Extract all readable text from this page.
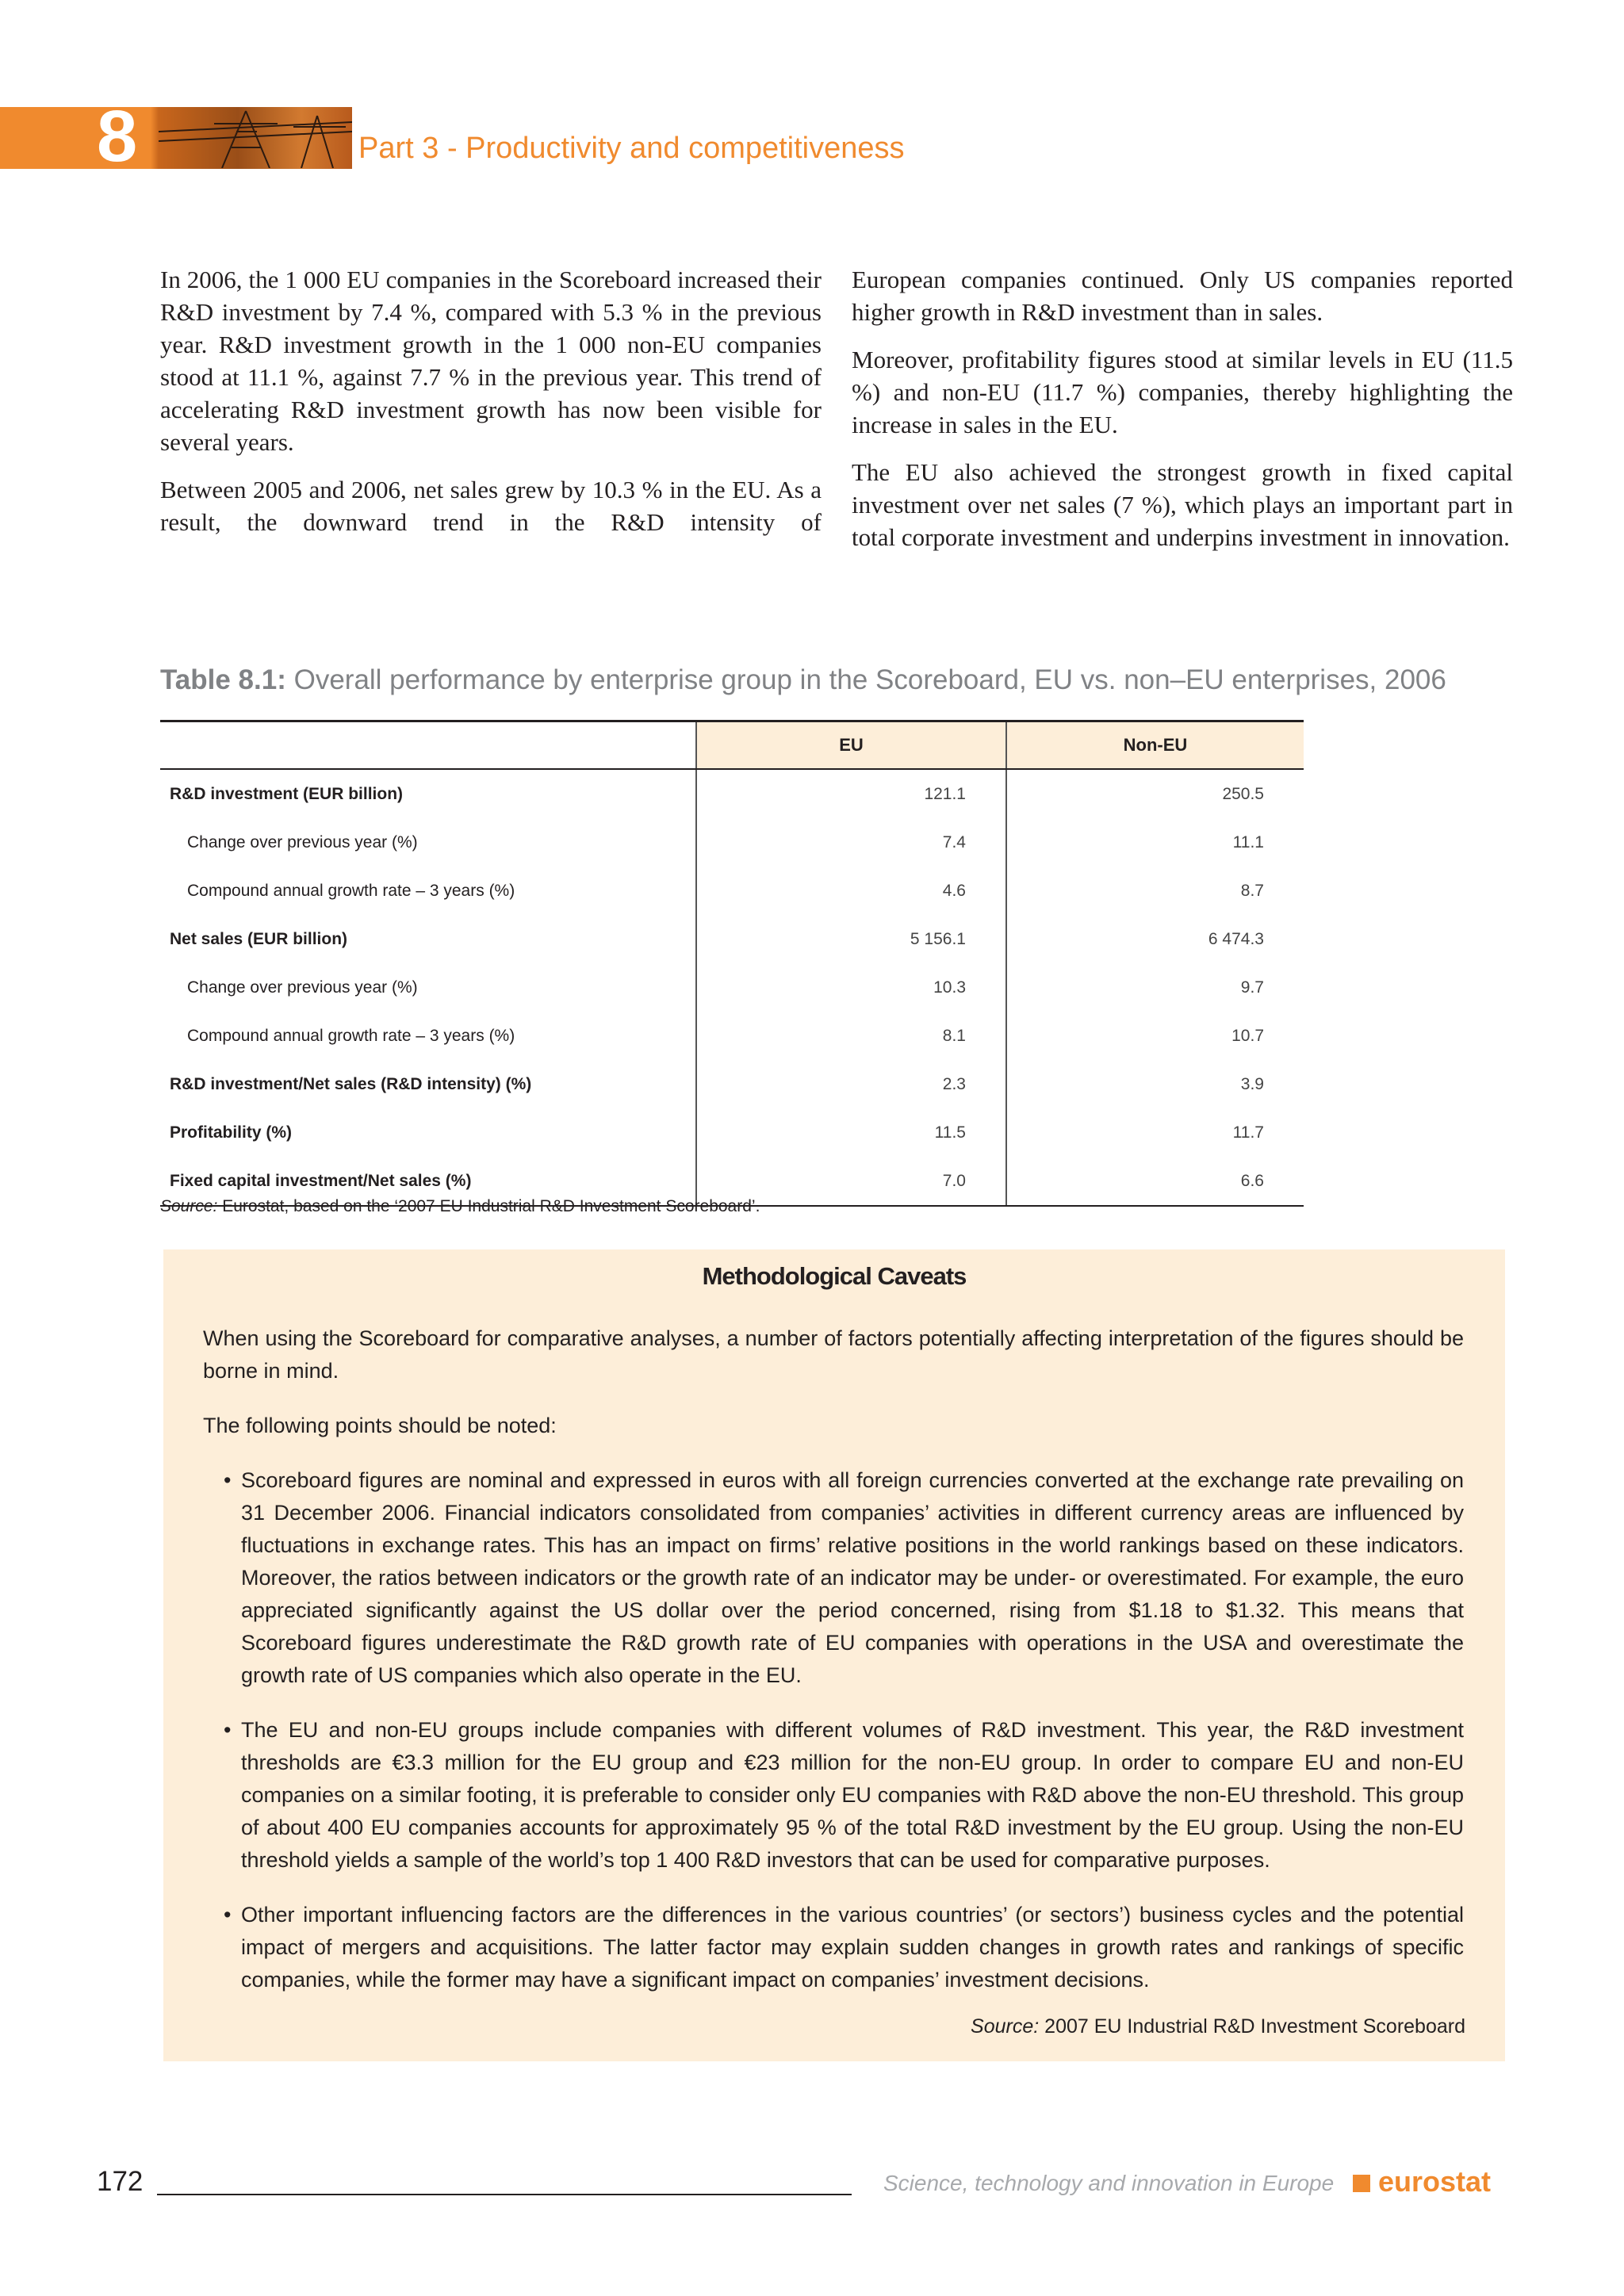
8	Part 3 - Productivity and competitiveness

In 2006, the 1 000 EU companies in the Scoreboard increased their R&D investment by 7.4 %, compared with 5.3 % in the previous year. R&D investment growth in the 1 000 non-EU companies stood at 11.1 %, against 7.7 % in the previous year. This trend of accelerating R&D investment growth has now been visible for several years.

Between 2005 and 2006, net sales grew by 10.3 % in the EU. As a result, the downward trend in the R&D intensity of

European companies continued. Only US companies reported higher growth in R&D investment than in sales.

Moreover, profitability figures stood at similar levels in EU (11.5 %) and non-EU (11.7 %) companies, thereby highlighting the increase in sales in the EU.

The EU also achieved the strongest growth in fixed capital investment over net sales (7 %), which plays an important part in total corporate investment and underpins investment in innovation.

Table 8.1: Overall performance by enterprise group in the Scoreboard, EU vs. non–EU enterprises, 2006
	EU	Non-EU
R&D investment (EUR billion)	121.1	250.5
Change over previous year (%)	7.4	11.1
Compound annual growth rate – 3 years (%)	4.6	8.7
Net sales (EUR billion)	5 156.1	6 474.3
Change over previous year (%)	10.3	9.7
Compound annual growth rate – 3 years (%)	8.1	10.7
R&D investment/Net sales (R&D intensity) (%)	2.3	3.9
Profitability (%)	11.5	11.7
Fixed capital investment/Net sales (%)	7.0	6.6
Source: Eurostat, based on the ‘2007 EU Industrial R&D Investment Scoreboard’.
Methodological Caveats

When using the Scoreboard for comparative analyses, a number of factors potentially affecting interpretation of the figures should be borne in mind.

The following points should be noted:

• Scoreboard figures are nominal and expressed in euros with all foreign currencies converted at the exchange rate prevailing on 31 December 2006. Financial indicators consolidated from companies’ activities in different currency areas are influenced by fluctuations in exchange rates. This has an impact on firms’ relative positions in the world rankings based on these indicators. Moreover, the ratios between indicators or the growth rate of an indicator may be under- or overestimated. For example, the euro appreciated significantly against the US dollar over the period concerned, rising from $1.18 to $1.32. This means that Scoreboard figures underestimate the R&D growth rate of EU companies with operations in the USA and overestimate the growth rate of US companies which also operate in the EU.
• The EU and non-EU groups include companies with different volumes of R&D investment. This year, the R&D investment thresholds are €3.3 million for the EU group and €23 million for the non-EU group. In order to compare EU and non-EU companies on a similar footing, it is preferable to consider only EU companies with R&D above the non-EU threshold. This group of about 400 EU companies accounts for approximately 95 % of the total R&D investment by the EU group. Using the non-EU threshold yields a sample of the world’s top 1 400 R&D investors that can be used for comparative purposes.
• Other important influencing factors are the differences in the various countries’ (or sectors’) business cycles and the potential impact of mergers and acquisitions. The latter factor may explain sudden changes in growth rates and rankings of specific companies, while the former may have a significant impact on companies’ investment decisions.
Source: 2007 EU Industrial R&D Investment Scoreboard
172	Science, technology and innovation in Europe eurostat
